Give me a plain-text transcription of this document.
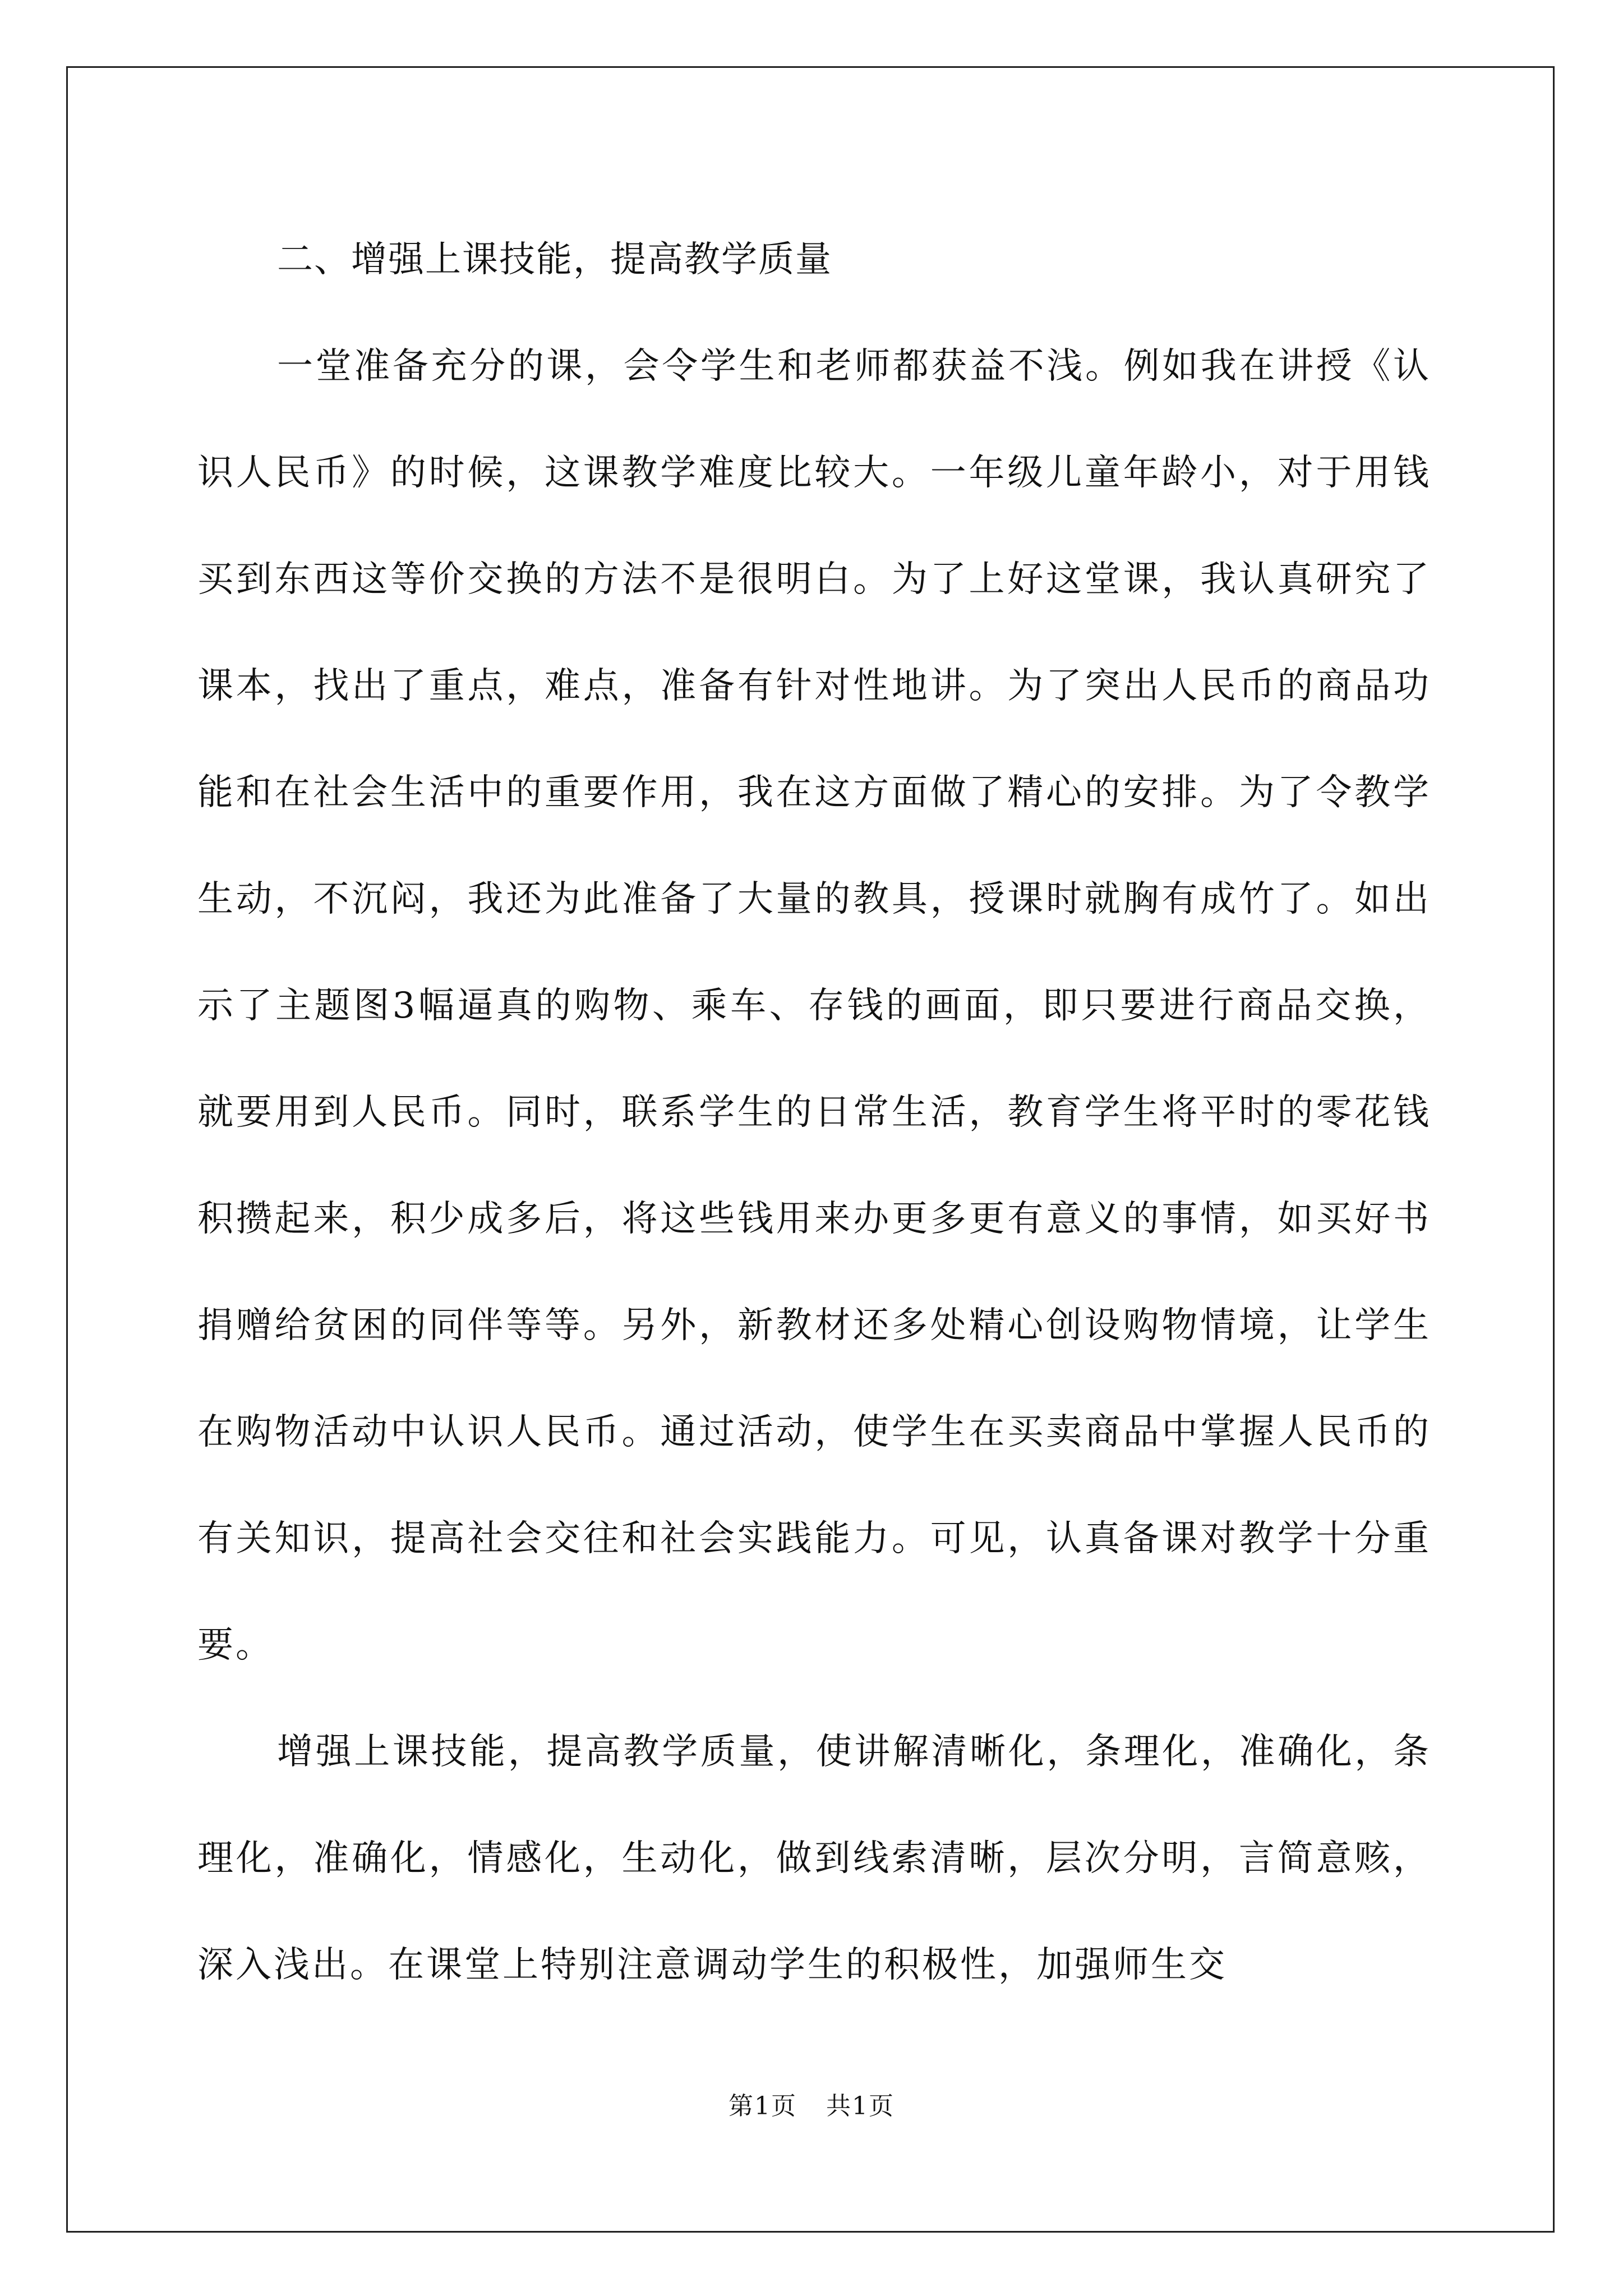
二、增强上课技能，提高教学质量

一堂准备充分的课，会令学生和老师都获益不浅。例如我在讲授《认识人民币》的时候，这课教学难度比较大。一年级儿童年龄小，对于用钱买到东西这等价交换的方法不是很明白。为了上好这堂课，我认真研究了课本，找出了重点，难点，准备有针对性地讲。为了突出人民币的商品功能和在社会生活中的重要作用，我在这方面做了精心的安排。为了令教学生动，不沉闷，我还为此准备了大量的教具，授课时就胸有成竹了。如出示了主题图3幅逼真的购物、乘车、存钱的画面，即只要进行商品交换，就要用到人民币。同时，联系学生的日常生活，教育学生将平时的零花钱积攒起来，积少成多后，将这些钱用来办更多更有意义的事情，如买好书捐赠给贫困的同伴等等。另外，新教材还多处精心创设购物情境，让学生在购物活动中认识人民币。通过活动，使学生在买卖商品中掌握人民币的有关知识，提高社会交往和社会实践能力。可见，认真备课对教学十分重要。

增强上课技能，提高教学质量，使讲解清晰化，条理化，准确化，条理化，准确化，情感化，生动化，做到线索清晰，层次分明，言简意赅，深入浅出。在课堂上特别注意调动学生的积极性，加强师生交

第1页 共1页
